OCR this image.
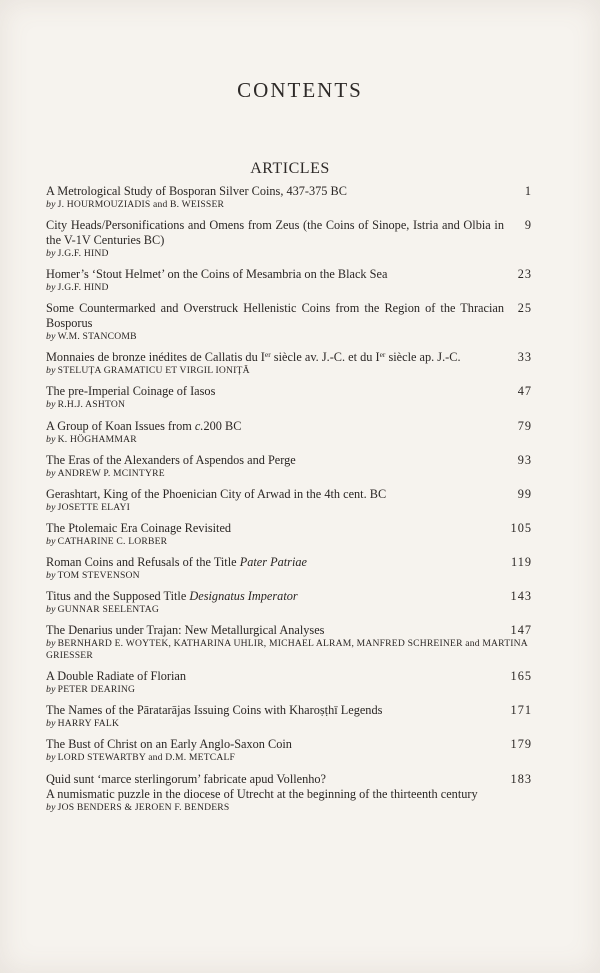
CONTENTS
ARTICLES
A Metrological Study of Bosporan Silver Coins, 437-375 BC
by J. HOURMOUZIADIS and B. WEISSER
1
City Heads/Personifications and Omens from Zeus (the Coins of Sinope, Istria and Olbia in the V-1V Centuries BC)
by J.G.F. HIND
9
Homer’s ‘Stout Helmet’ on the Coins of Mesambria on the Black Sea
by J.G.F. HIND
23
Some Countermarked and Overstruck Hellenistic Coins from the Region of the Thracian Bosporus
by W.M. STANCOMB
25
Monnaies de bronze inédites de Callatis du Ier siècle av. J.-C. et du Ier siècle ap. J.-C.
by STELUȚA GRAMATICU ET VIRGIL IONIȚĂ
33
The pre-Imperial Coinage of Iasos
by R.H.J. ASHTON
47
A Group of Koan Issues from c.200 BC
by K. HÖGHAMMAR
79
The Eras of the Alexanders of Aspendos and Perge
by ANDREW P. MCINTYRE
93
Gerashtart, King of the Phoenician City of Arwad in the 4th cent. BC
by JOSETTE ELAYI
99
The Ptolemaic Era Coinage Revisited
by CATHARINE C. LORBER
105
Roman Coins and Refusals of the Title Pater Patriae
by TOM STEVENSON
119
Titus and the Supposed Title Designatus Imperator
by GUNNAR SEELENTAG
143
The Denarius under Trajan: New Metallurgical Analyses
by BERNHARD E. WOYTEK, KATHARINA UHLIR, MICHAEL ALRAM, MANFRED SCHREINER and MARTINA GRIESSER
147
A Double Radiate of Florian
by PETER DEARING
165
The Names of the Pāratarājas Issuing Coins with Kharoṣṭhī Legends
by HARRY FALK
171
The Bust of Christ on an Early Anglo-Saxon Coin
by LORD STEWARTBY and D.M. METCALF
179
Quid sunt ‘marce sterlingorum’ fabricate apud Vollenho?
A numismatic puzzle in the diocese of Utrecht at the beginning of the thirteenth century
by JOS BENDERS & JEROEN F. BENDERS
183
